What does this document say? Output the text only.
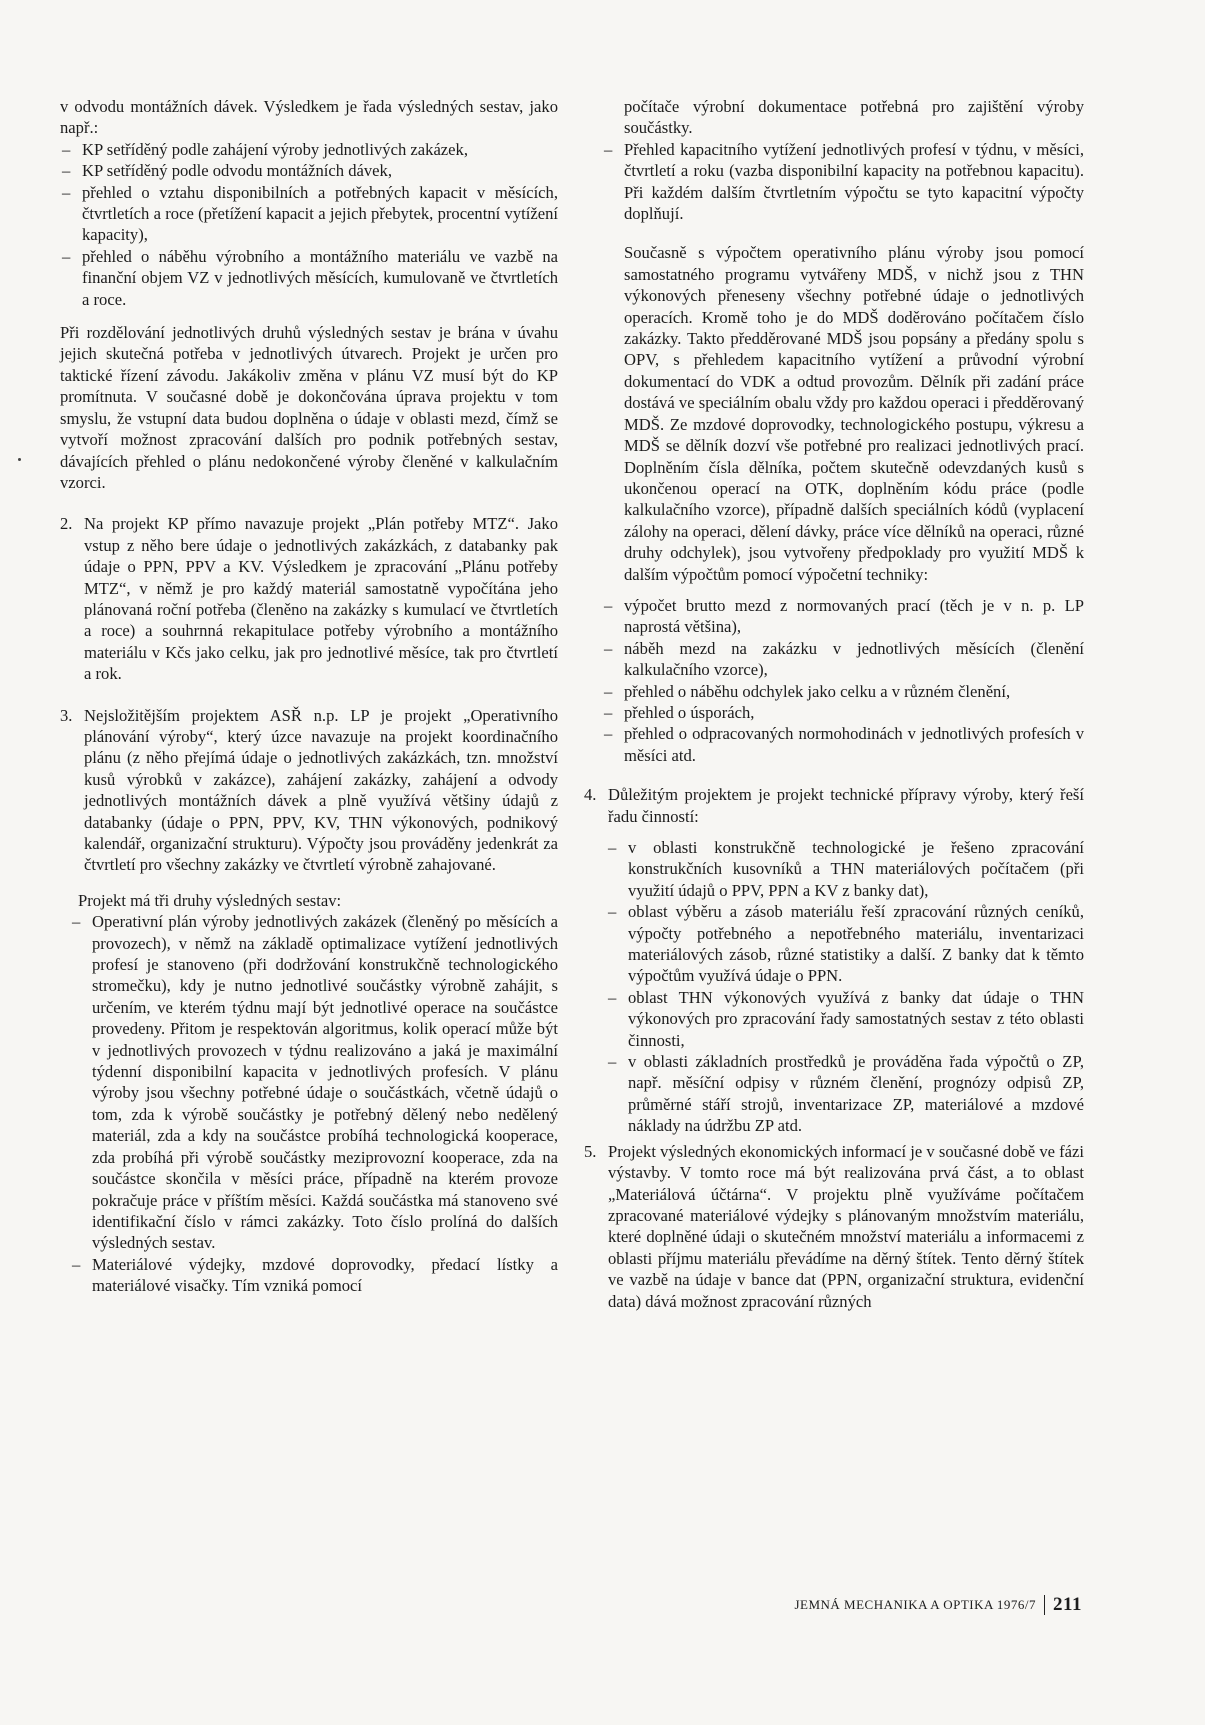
v odvodu montážních dávek. Výsledkem je řada výsledných sestav, jako např.:

– KP setříděný podle zahájení výroby jednotlivých zakázek,
– KP setříděný podle odvodu montážních dávek,
– přehled o vztahu disponibilních a potřebných kapacit v měsících, čtvrtletích a roce (přetížení kapacit a jejich přebytek, procentní vytížení kapacity),
– přehled o náběhu výrobního a montážního materiálu ve vazbě na finanční objem VZ v jednotlivých měsících, kumulovaně ve čtvrtletích a roce.

Při rozdělování jednotlivých druhů výsledných sestav je brána v úvahu jejich skutečná potřeba v jednotlivých útvarech. Projekt je určen pro taktické řízení závodu. Jakákoliv změna v plánu VZ musí být do KP promítnuta. V současné době je dokončována úprava projektu v tom smyslu, že vstupní data budou doplněna o údaje v oblasti mezd, čímž se vytvoří možnost zpracování dalších pro podnik potřebných sestav, dávajících přehled o plánu nedokončené výroby členěné v kalkulačním vzorci.

2. Na projekt KP přímo navazuje projekt „Plán potřeby MTZ“. Jako vstup z něho bere údaje o jednotlivých zakázkách, z databanky pak údaje o PPN, PPV a KV. Výsledkem je zpracování „Plánu potřeby MTZ“, v němž je pro každý materiál samostatně vypočítána jeho plánovaná roční potřeba (členěno na zakázky s kumulací ve čtvrtletích a roce) a souhrnná rekapitulace potřeby výrobního a montážního materiálu v Kčs jako celku, jak pro jednotlivé měsíce, tak pro čtvrtletí a rok.

3. Nejsložitějším projektem ASŘ n.p. LP je projekt „Operativního plánování výroby“, který úzce navazuje na projekt koordinačního plánu (z něho přejímá údaje o jednotlivých zakázkách, tzn. množství kusů výrobků v zakázce), zahájení zakázky, zahájení a odvody jednotlivých montážních dávek a plně využívá většiny údajů z databanky (údaje o PPN, PPV, KV, THN výkonových, podnikový kalendář, organizační strukturu). Výpočty jsou prováděny jedenkrát za čtvrtletí pro všechny zakázky ve čtvrtletí výrobně zahajované.

Projekt má tři druhy výsledných sestav:

– Operativní plán výroby jednotlivých zakázek (členěný po měsících a provozech), v němž na základě optimalizace vytížení jednotlivých profesí je stanoveno (při dodržování konstrukčně technologického stromečku), kdy je nutno jednotlivé součástky výrobně zahájit, s určením, ve kterém týdnu mají být jednotlivé operace na součástce provedeny. Přitom je respektován algoritmus, kolik operací může být v jednotlivých provozech v týdnu realizováno a jaká je maximální týdenní disponibilní kapacita v jednotlivých profesích. V plánu výroby jsou všechny potřebné údaje o součástkách, včetně údajů o tom, zda k výrobě součástky je potřebný dělený nebo nedělený materiál, zda a kdy na součástce probíhá technologická kooperace, zda probíhá při výrobě součástky meziprovozní kooperace, zda na součástce skončila v měsíci práce, případně na kterém provoze pokračuje práce v příštím měsíci. Každá součástka má stanoveno své identifikační číslo v rámci zakázky. Toto číslo prolíná do dalších výsledných sestav.
– Materiálové výdejky, mzdové doprovodky, předací lístky a materiálové visačky. Tím vzniká pomocí

počítače výrobní dokumentace potřebná pro zajištění výroby součástky.

– Přehled kapacitního vytížení jednotlivých profesí v týdnu, v měsíci, čtvrtletí a roku (vazba disponibilní kapacity na potřebnou kapacitu). Při každém dalším čtvrtletním výpočtu se tyto kapacitní výpočty doplňují.

Současně s výpočtem operativního plánu výroby jsou pomocí samostatného programu vytvářeny MDŠ, v nichž jsou z THN výkonových přeneseny všechny potřebné údaje o jednotlivých operacích. Kromě toho je do MDŠ doděrováno počítačem číslo zakázky. Takto předděrované MDŠ jsou popsány a předány spolu s OPV, s přehledem kapacitního vytížení a průvodní výrobní dokumentací do VDK a odtud provozům. Dělník při zadání práce dostává ve speciálním obalu vždy pro každou operaci i předděrovaný MDŠ. Ze mzdové doprovodky, technologického postupu, výkresu a MDŠ se dělník dozví vše potřebné pro realizaci jednotlivých prací. Doplněním čísla dělníka, počtem skutečně odevzdaných kusů s ukončenou operací na OTK, doplněním kódu práce (podle kalkulačního vzorce), případně dalších speciálních kódů (vyplacení zálohy na operaci, dělení dávky, práce více dělníků na operaci, různé druhy odchylek), jsou vytvořeny předpoklady pro využití MDŠ k dalším výpočtům pomocí výpočetní techniky:

– výpočet brutto mezd z normovaných prací (těch je v n. p. LP naprostá většina),
– náběh mezd na zakázku v jednotlivých měsících (členění kalkulačního vzorce),
– přehled o náběhu odchylek jako celku a v různém členění,
– přehled o úsporách,
– přehled o odpracovaných normohodinách v jednotlivých profesích v měsíci atd.
4. Důležitým projektem je projekt technické přípravy výroby, který řeší řadu činností:

– v oblasti konstrukčně technologické je řešeno zpracování konstrukčních kusovníků a THN materiálových počítačem (při využití údajů o PPV, PPN a KV z banky dat),
– oblast výběru a zásob materiálu řeší zpracování různých ceníků, výpočty potřebného a nepotřebného materiálu, inventarizaci materiálových zásob, různé statistiky a další. Z banky dat k těmto výpočtům využívá údaje o PPN.
– oblast THN výkonových využívá z banky dat údaje o THN výkonových pro zpracování řady samostatných sestav z této oblasti činnosti,
– v oblasti základních prostředků je prováděna řada výpočtů o ZP, např. měsíční odpisy v různém členění, prognózy odpisů ZP, průměrné stáří strojů, inventarizace ZP, materiálové a mzdové náklady na údržbu ZP atd.
5. Projekt výsledných ekonomických informací je v současné době ve fázi výstavby. V tomto roce má být realizována prvá část, a to oblast „Materiálová účtárna“. V projektu plně využíváme počítačem zpracované materiálové výdejky s plánovaným množstvím materiálu, které doplněné údaji o skutečném množství materiálu a informacemi z oblasti příjmu materiálu převádíme na děrný štítek. Tento děrný štítek ve vazbě na údaje v bance dat (PPN, organizační struktura, evidenční data) dává možnost zpracování různých

JEMNÁ MECHANIKA A OPTIKA 1976/7 211
